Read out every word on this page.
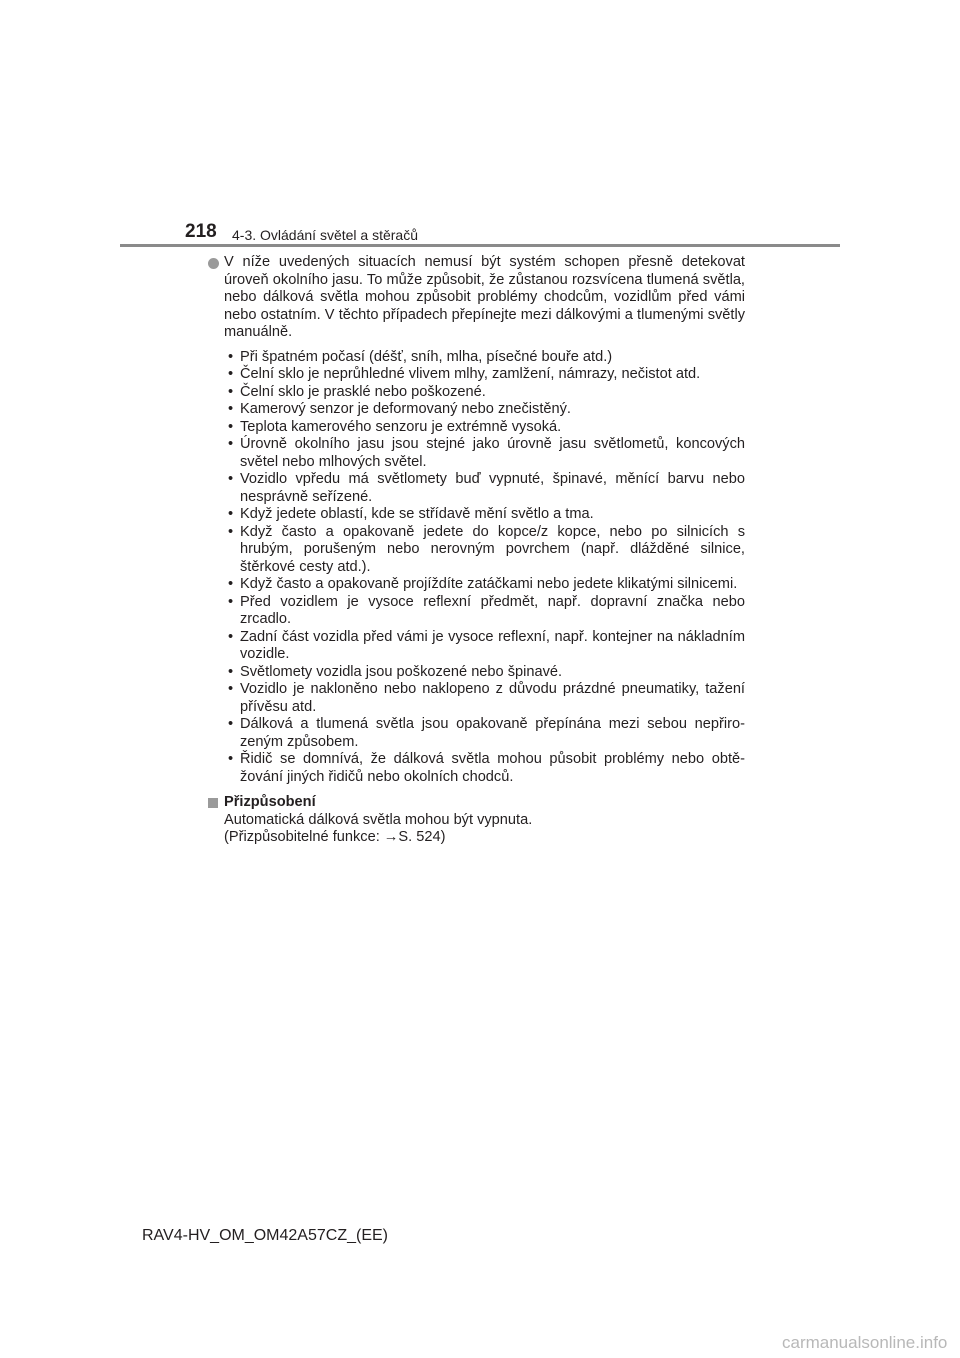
218 4-3. Ovládání světel a stěračů

V níže uvedených situacích nemusí být systém schopen přesně detekovat úroveň okolního jasu. To může způsobit, že zůstanou rozsvícena tlumená světla, nebo dálková světla mohou způsobit problémy chodcům, vozidlům před vámi nebo ostatním. V těchto případech přepínejte mezi dálkovými a tlumenými světly manuálně.

• Při špatném počasí (déšť, sníh, mlha, písečné bouře atd.)
• Čelní sklo je neprůhledné vlivem mlhy, zamlžení, námrazy, nečistot atd.
• Čelní sklo je prasklé nebo poškozené.
• Kamerový senzor je deformovaný nebo znečistěný.
• Teplota kamerového senzoru je extrémně vysoká.
• Úrovně okolního jasu jsou stejné jako úrovně jasu světlometů, koncových světel nebo mlhových světel.
• Vozidlo vpředu má světlomety buď vypnuté, špinavé, měnící barvu nebo nesprávně seřízené.
• Když jedete oblastí, kde se střídavě mění světlo a tma.
• Když často a opakovaně jedete do kopce/z kopce, nebo po silnicích s hrubým, porušeným nebo nerovným povrchem (např. dlážděné silnice, štěrkové cesty atd.).
• Když často a opakovaně projíždíte zatáčkami nebo jedete klikatými silnicemi.
• Před vozidlem je vysoce reflexní předmět, např. dopravní značka nebo zrcadlo.
• Zadní část vozidla před vámi je vysoce reflexní, např. kontejner na nákladním vozidle.
• Světlomety vozidla jsou poškozené nebo špinavé.
• Vozidlo je nakloněno nebo naklopeno z důvodu prázdné pneumatiky, tažení přívěsu atd.
• Dálková a tlumená světla jsou opakovaně přepínána mezi sebou nepřirozeným způsobem.
• Řidič se domnívá, že dálková světla mohou působit problémy nebo obtěžování jiných řidičů nebo okolních chodců.

Přizpůsobení

Automatická dálková světla mohou být vypnuta.

(Přizpůsobitelné funkce: →S. 524)

RAV4-HV_OM_OM42A57CZ_(EE)
carmanualsonline.info
